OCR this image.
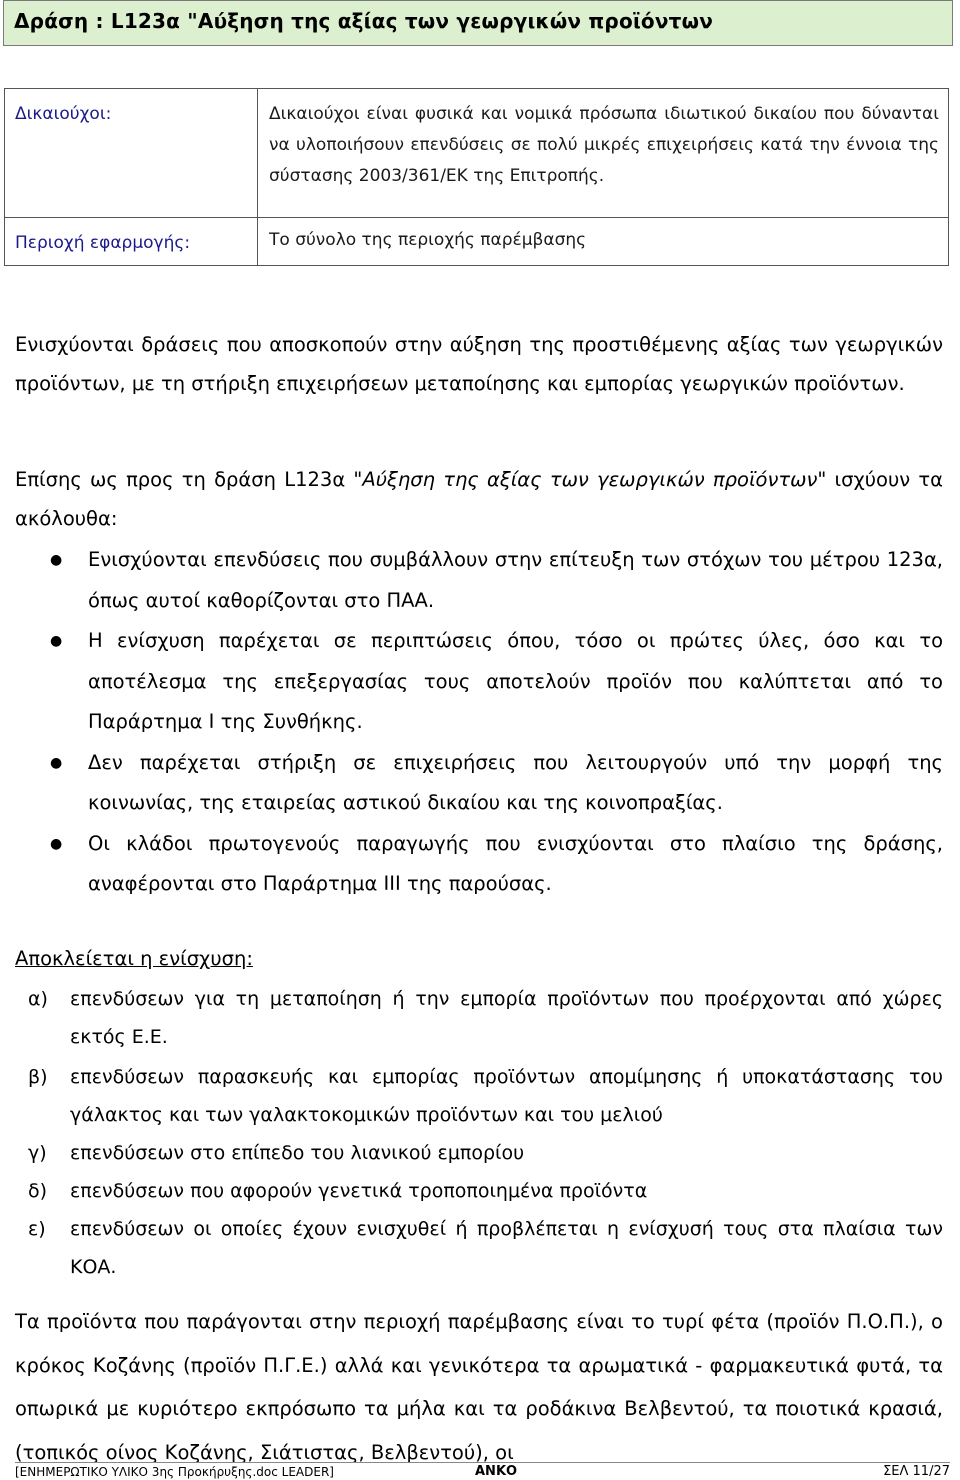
Δράση : L123α "Αύξηση της αξίας των γεωργικών προϊόντων
Δικαιούχοι:	Δικαιούχοι είναι φυσικά και νομικά πρόσωπα ιδιωτικού δικαίου που δύνανται να υλοποιήσουν επενδύσεις σε πολύ μικρές επιχειρήσεις κατά την έννοια της σύστασης 2003/361/ΕΚ της Επιτροπής.
Περιοχή εφαρμογής:	Το σύνολο της περιοχής παρέμβασης
Ενισχύονται δράσεις που αποσκοπούν στην αύξηση της προστιθέμενης αξίας των γεωργικών προϊόντων, με τη στήριξη επιχειρήσεων μεταποίησης και εμπορίας γεωργικών προϊόντων.
Επίσης ως προς τη δράση L123α "Αύξηση της αξίας των γεωργικών προϊόντων" ισχύουν τα ακόλουθα:
● Ενισχύονται επενδύσεις που συμβάλλουν στην επίτευξη των στόχων του μέτρου 123α, όπως αυτοί καθορίζονται στο ΠΑΑ.
● Η ενίσχυση παρέχεται σε περιπτώσεις όπου, τόσο οι πρώτες ύλες, όσο και το αποτέλεσμα της επεξεργασίας τους αποτελούν προϊόν που καλύπτεται από το Παράρτημα Ι της Συνθήκης.
● Δεν παρέχεται στήριξη σε επιχειρήσεις που λειτουργούν υπό την μορφή της κοινωνίας, της εταιρείας αστικού δικαίου και της κοινοπραξίας.
● Οι κλάδοι πρωτογενούς παραγωγής που ενισχύονται στο πλαίσιο της δράσης, αναφέρονται στο Παράρτημα ΙΙΙ της παρούσας.
Αποκλείεται η ενίσχυση:
α) επενδύσεων για τη μεταποίηση ή την εμπορία προϊόντων που προέρχονται από χώρες εκτός Ε.Ε.
β) επενδύσεων παρασκευής και εμπορίας προϊόντων απομίμησης ή υποκατάστασης του γάλακτος και των γαλακτοκομικών προϊόντων και του μελιού
γ) επενδύσεων στο επίπεδο του λιανικού εμπορίου
δ) επενδύσεων που αφορούν γενετικά τροποποιημένα προϊόντα
ε) επενδύσεων οι οποίες έχουν ενισχυθεί ή προβλέπεται η ενίσχυσή τους στα πλαίσια των ΚΟΑ.
Τα προϊόντα που παράγονται στην περιοχή παρέμβασης είναι το τυρί φέτα (προϊόν Π.Ο.Π.), ο κρόκος Κοζάνης (προϊόν Π.Γ.Ε.) αλλά και γενικότερα τα αρωματικά - φαρμακευτικά φυτά, τα οπωρικά με κυριότερο εκπρόσωπο τα μήλα και τα ροδάκινα Βελβεντού, τα ποιοτικά κρασιά, (τοπικός οίνος Κοζάνης, Σιάτιστας, Βελβεντού), οι
[ΕΝΗΜΕΡΩΤΙΚΟ ΥΛΙΚΟ 3ης Προκήρυξης.doc LEADER]	ΑΝΚΟ	ΣΕΛ 11/27
